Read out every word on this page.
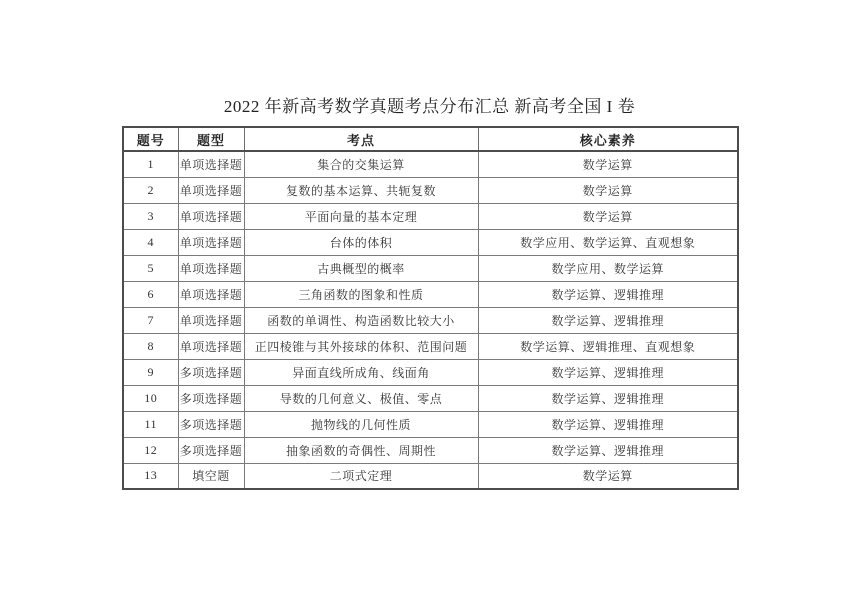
2022 年新高考数学真题考点分布汇总 新高考全国 I 卷
题号	题型	考点	核心素养
1	单项选择题	集合的交集运算	数学运算
2	单项选择题	复数的基本运算、共轭复数	数学运算
3	单项选择题	平面向量的基本定理	数学运算
4	单项选择题	台体的体积	数学应用、数学运算、直观想象
5	单项选择题	古典概型的概率	数学应用、数学运算
6	单项选择题	三角函数的图象和性质	数学运算、逻辑推理
7	单项选择题	函数的单调性、构造函数比较大小	数学运算、逻辑推理
8	单项选择题	正四棱锥与其外接球的体积、范围问题	数学运算、逻辑推理、直观想象
9	多项选择题	异面直线所成角、线面角	数学运算、逻辑推理
10	多项选择题	导数的几何意义、极值、零点	数学运算、逻辑推理
11	多项选择题	抛物线的几何性质	数学运算、逻辑推理
12	多项选择题	抽象函数的奇偶性、周期性	数学运算、逻辑推理
13	填空题	二项式定理	数学运算
